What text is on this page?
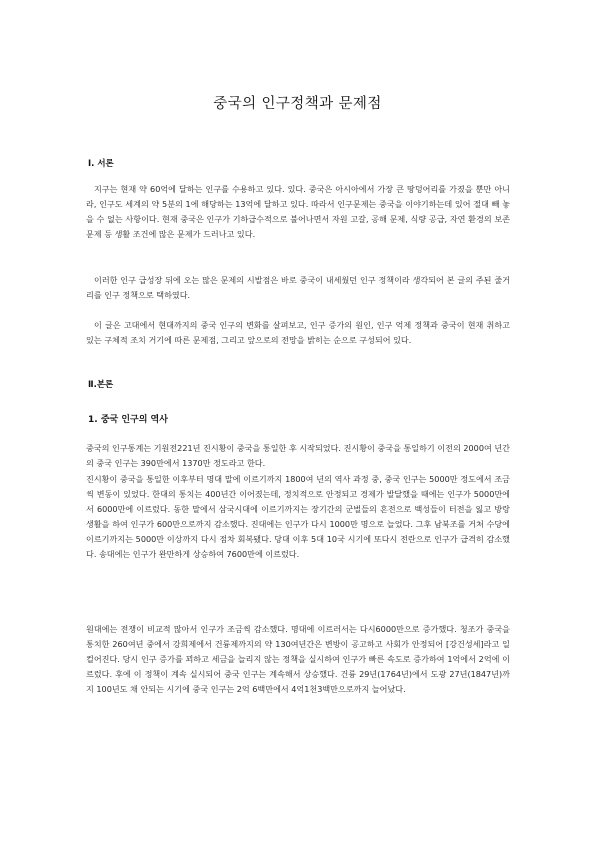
중국의 인구정책과 문제점
Ⅰ. 서론
지구는 현재 약 60억에 달하는 인구를 수용하고 있다. 있다. 중국은 아시아에서 가장 큰 땅덩어리를 가졌을 뿐만 아니라, 인구도 세계의 약 5분의 1에 해당하는 13억에 달하고 있다. 따라서 인구문제는 중국을 이야기하는데 있어 절대 빼 놓을 수 없는 사항이다. 현재 중국은 인구가 기하급수적으로 불어나면서 자원 고갈, 공해 문제, 식량 공급, 자연 환경의 보존 문제 등 생활 조건에 많은 문제가 드러나고 있다.
이러한 인구 급성장 뒤에 오는 많은 문제의 시발점은 바로 중국이 내세웠던 인구 정책이라 생각되어 본 글의 주된 줄거리를 인구 정책으로 택하였다.
이 글은 고대에서 현대까지의 중국 인구의 변화를 살펴보고, 인구 증가의 원인, 인구 억제 정책과 중국이 현재 취하고 있는 구체적 조치 거기에 따른 문제점, 그리고 앞으로의 전망을 밝히는 순으로 구성되어 있다.
Ⅱ.본론
1. 중국 인구의 역사
중국의 인구통계는 기원전221년 진시황이 중국을 통일한 후 시작되었다. 진시황이 중국을 통일하기 이전의 2000여 년간의 중국 인구는 390만에서 1370만 정도라고 한다.
진시황이 중국을 통일한 이후부터 명대 말에 이르기까지 1800여 년의 역사 과정 중, 중국 인구는 5000만 정도에서 조금씩 변동이 있었다. 한대의 통치는 400년간 이어졌는데, 정치적으로 안정되고 경제가 발달했을 때에는 인구가 5000만에서 6000만에 이르렀다. 동한 말에서 삼국시대에 이르기까지는 장기간의 군벌들의 혼전으로 백성들이 터전을 잃고 방랑 생활을 하여 인구가 600만으로까지 감소했다. 진대에는 인구가 다시 1000만 명으로 늘었다. 그후 남북조를 거쳐 수당에 이르기까지는 5000만 이상까지 다시 점차 회복됐다. 당대 이후 5대 10국 시기에 또다시 전란으로 인구가 급격히 감소했다. 송대에는 인구가 완만하게 상승하여 7600만에 이르렀다.
원대에는 전쟁이 비교적 많아서 인구가 조금씩 감소했다. 명대에 이르러서는 다시6000만으로 증가했다. 청조가 중국을 통치한 260여년 중에서 강희제에서 건륭제까지의 약 130여년간은 변방이 공고하고 사회가 안정되어 [강건성세]라고 일컬어진다. 당시 인구 증가를 꾀하고 세금을 늘리지 않는 정책을 실시하여 인구가 빠른 속도로 증가하여 1억에서 2억에 이르렀다. 후에 이 정책이 계속 실시되어 중국 인구는 계속해서 상승했다. 건륭 29년(1764년)에서 도광 27년(1847년)까지 100년도 채 안되는 시기에 중국 인구는 2억 6백만에서 4억1천3백만으로까지 늘어났다.
